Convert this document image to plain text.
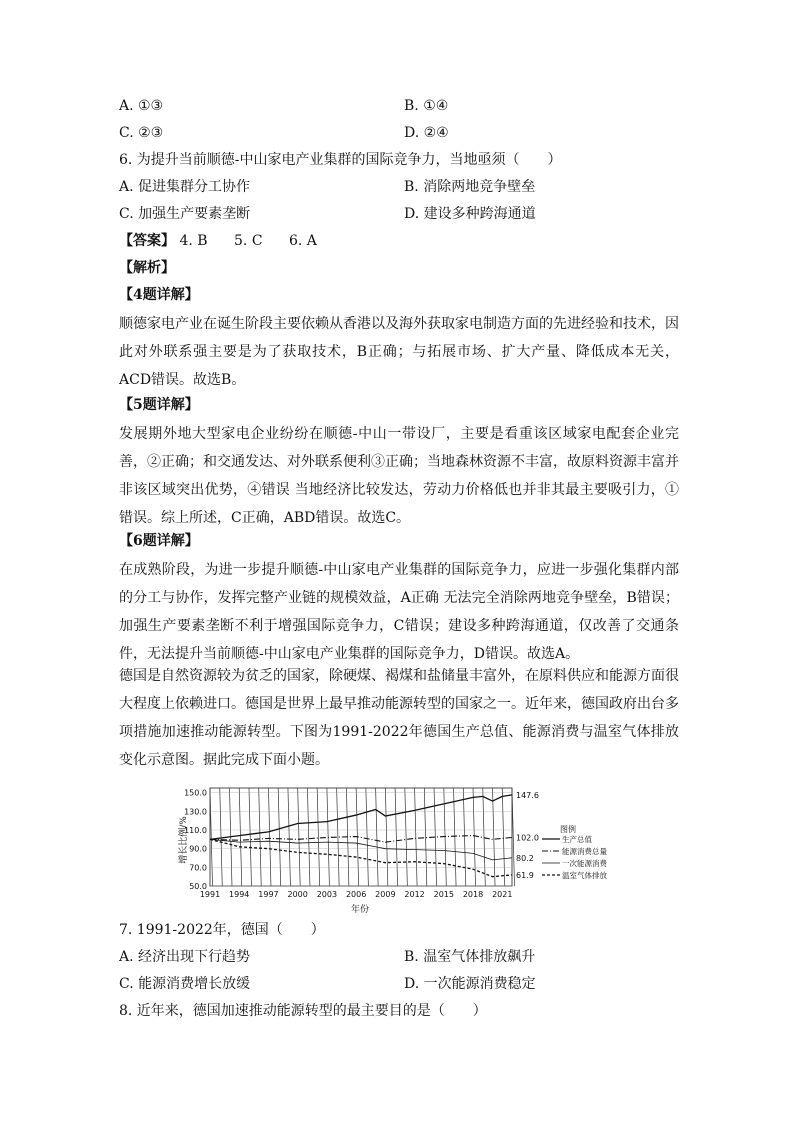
A. ①③	B. ①④
C. ②③	D. ②④
6. 为提升当前顺德-中山家电产业集群的国际竞争力，当地亟须（　　）
A. 促进集群分工协作	B. 消除两地竞争壁垒
C. 加强生产要素垄断	D. 建设多种跨海通道
【答案】 4. B 5. C 6. A
【解析】
【4题详解】

顺德家电产业在诞生阶段主要依赖从香港以及海外获取家电制造方面的先进经验和技术，因此对外联系强主要是为了获取技术，B正确；与拓展市场、扩大产量、降低成本无关，ACD错误。故选B。

【5题详解】

发展期外地大型家电企业纷纷在顺德-中山一带设厂，主要是看重该区域家电配套企业完善，②正确；和交通发达、对外联系便利③正确；当地森林资源不丰富，故原料资源丰富并非该区域突出优势，④错误 当地经济比较发达，劳动力价格低也并非其最主要吸引力，①错误。综上所述，C正确，ABD错误。故选C。

【6题详解】

在成熟阶段，为进一步提升顺德-中山家电产业集群的国际竞争力，应进一步强化集群内部的分工与协作，发挥完整产业链的规模效益，A正确 无法完全消除两地竞争壁垒，B错误；加强生产要素垄断不利于增强国际竞争力，C错误；建设多种跨海通道，仅改善了交通条件，无法提升当前顺德-中山家电产业集群的国际竞争力，D错误。故选A。

德国是自然资源较为贫乏的国家，除硬煤、褐煤和盐储量丰富外，在原料供应和能源方面很大程度上依赖进口。德国是世界上最早推动能源转型的国家之一。近年来，德国政府出台多项措施加速推动能源转型。下图为1991-2022年德国生产总值、能源消费与温室气体排放变化示意图。据此完成下面小题。

增长比例/%
年份
150.0
130.0
110.0
90.0
70.0
50.0
1991 1994 1997 2000 2003 2006 2009 2012 2015 2018 2021
147.6
102.0
80.2
61.9
图例
生产总值
能源消费总量
一次能源消费
温室气体排放
7. 1991-2022年，德国（　　）
A. 经济出现下行趋势	B. 温室气体排放飙升
C. 能源消费增长放缓	D. 一次能源消费稳定
8. 近年来，德国加速推动能源转型的最主要目的是（　　）
